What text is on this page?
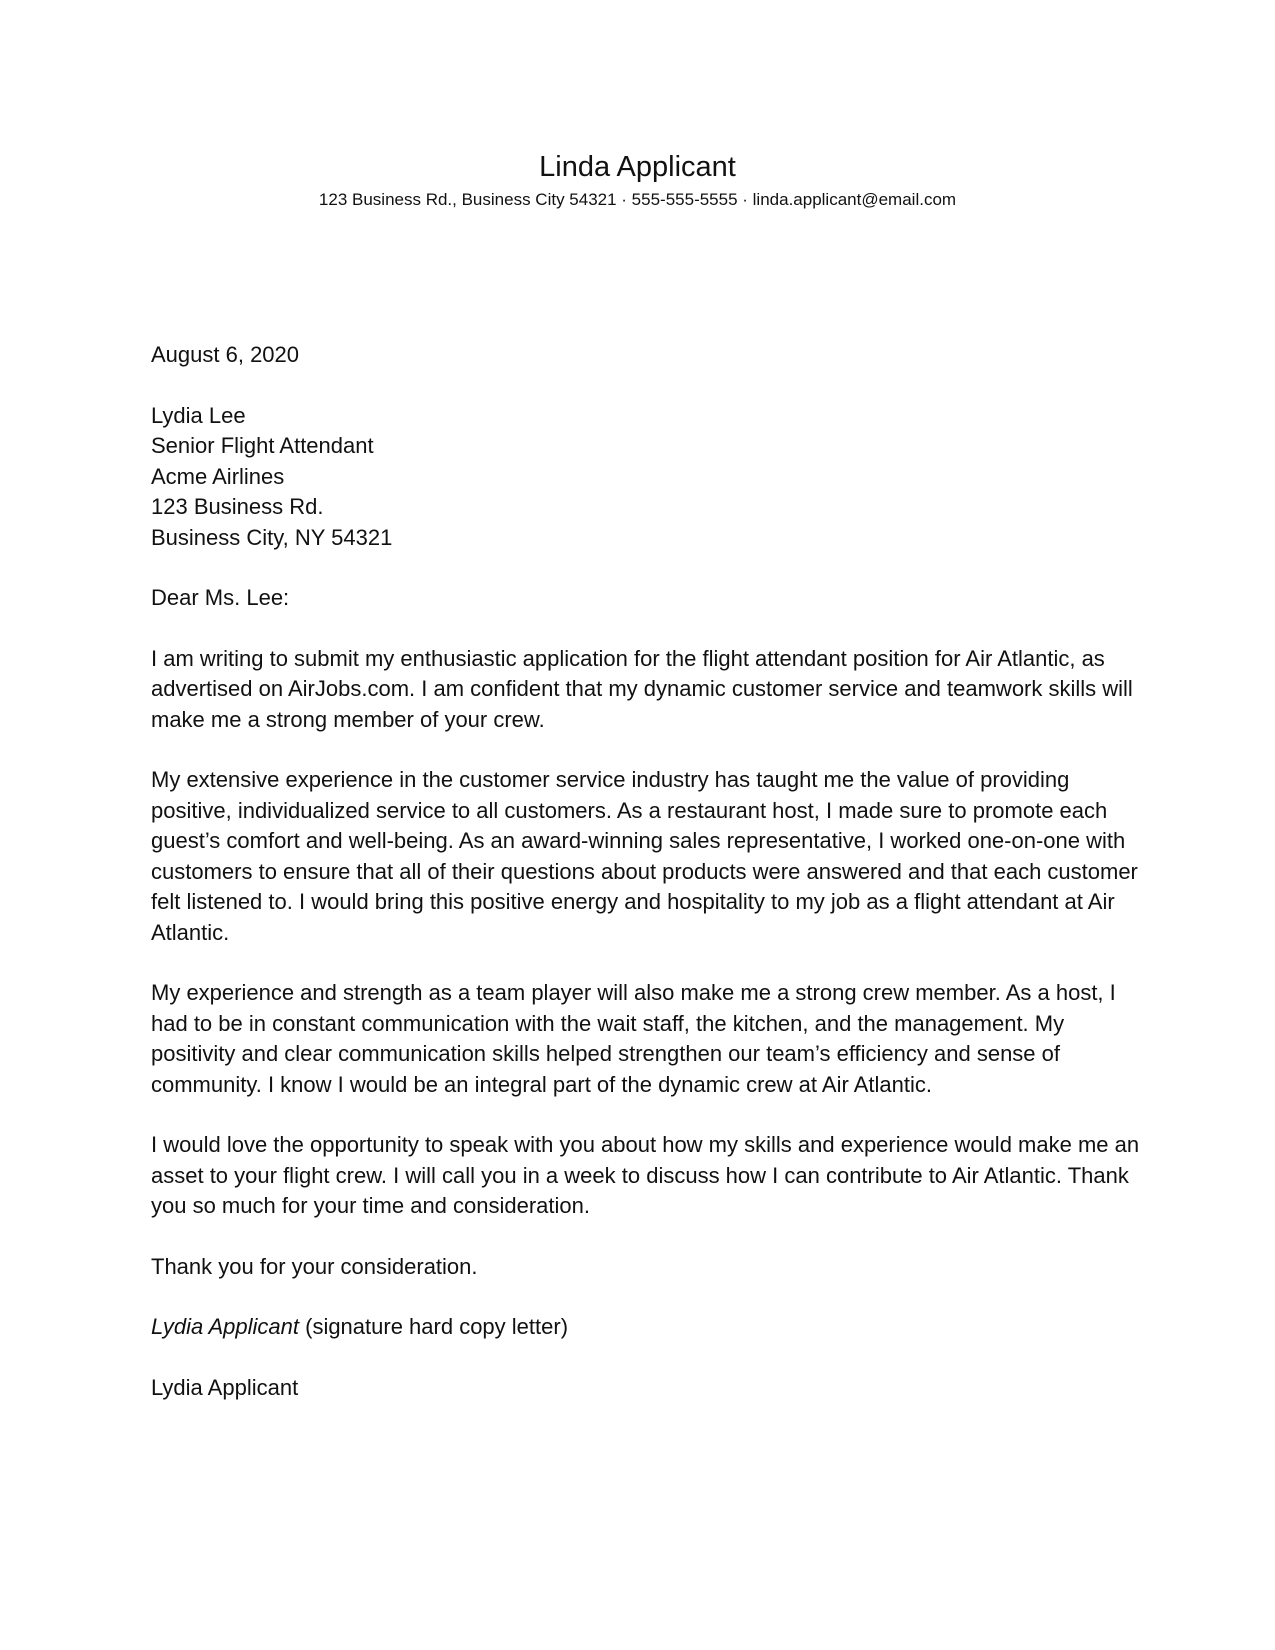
Linda Applicant
123 Business Rd., Business City 54321 · 555-555-5555 · linda.applicant@email.com

August 6, 2020

Lydia Lee

Senior Flight Attendant

Acme Airlines

123 Business Rd.

Business City, NY 54321

Dear Ms. Lee:

I am writing to submit my enthusiastic application for the flight attendant position for Air Atlantic, as advertised on AirJobs.com. I am confident that my dynamic customer service and teamwork skills will make me a strong member of your crew.

My extensive experience in the customer service industry has taught me the value of providing positive, individualized service to all customers. As a restaurant host, I made sure to promote each guest’s comfort and well-being. As an award-winning sales representative, I worked one-on-one with customers to ensure that all of their questions about products were answered and that each customer felt listened to. I would bring this positive energy and hospitality to my job as a flight attendant at Air Atlantic.

My experience and strength as a team player will also make me a strong crew member. As a host, I had to be in constant communication with the wait staff, the kitchen, and the management. My positivity and clear communication skills helped strengthen our team’s efficiency and sense of community. I know I would be an integral part of the dynamic crew at Air Atlantic.

I would love the opportunity to speak with you about how my skills and experience would make me an asset to your flight crew. I will call you in a week to discuss how I can contribute to Air Atlantic. Thank you so much for your time and consideration.

Thank you for your consideration.

Lydia Applicant (signature hard copy letter)

Lydia Applicant
